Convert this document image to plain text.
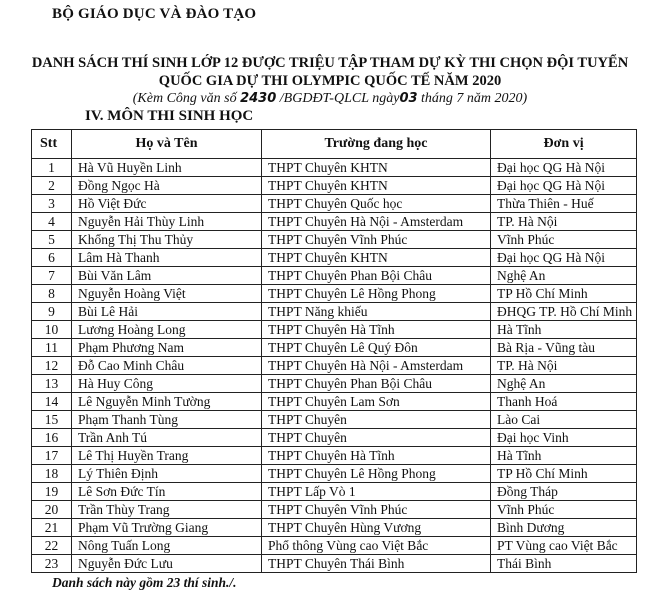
BỘ GIÁO DỤC VÀ ĐÀO TẠO
DANH SÁCH THÍ SINH LỚP 12 ĐƯỢC TRIỆU TẬP THAM DỰ KỲ THI CHỌN ĐỘI TUYỂN
QUỐC GIA DỰ THI OLYMPIC QUỐC TẾ NĂM 2020
(Kèm Công văn số 2430 /BGDĐT-QLCL ngày03 tháng 7 năm 2020)
IV. MÔN THI SINH HỌC
Stt	Họ và Tên	Trường đang học	Đơn vị
1	Hà Vũ Huyền Linh	THPT Chuyên KHTN	Đại học QG Hà Nội
2	Đồng Ngọc Hà	THPT Chuyên KHTN	Đại học QG Hà Nội
3	Hồ Việt Đức	THPT Chuyên Quốc học	Thừa Thiên - Huế
4	Nguyễn Hải Thùy Linh	THPT Chuyên Hà Nội - Amsterdam	TP. Hà Nội
5	Khổng Thị Thu Thủy	THPT Chuyên Vĩnh Phúc	Vĩnh Phúc
6	Lâm Hà Thanh	THPT Chuyên KHTN	Đại học QG Hà Nội
7	Bùi Văn Lâm	THPT Chuyên Phan Bội Châu	Nghệ An
8	Nguyễn Hoàng Việt	THPT Chuyên Lê Hồng Phong	TP Hồ Chí Minh
9	Bùi Lê Hải	THPT Năng khiếu	ĐHQG TP. Hồ Chí Minh
10	Lương Hoàng Long	THPT Chuyên Hà Tĩnh	Hà Tĩnh
11	Phạm Phương Nam	THPT Chuyên Lê Quý Đôn	Bà Rịa - Vũng tàu
12	Đỗ Cao Minh Châu	THPT Chuyên Hà Nội - Amsterdam	TP. Hà Nội
13	Hà Huy Công	THPT Chuyên Phan Bội Châu	Nghệ An
14	Lê Nguyễn Minh Tường	THPT Chuyên Lam Sơn	Thanh Hoá
15	Phạm Thanh Tùng	THPT Chuyên	Lào Cai
16	Trần Anh Tú	THPT Chuyên	Đại học Vinh
17	Lê Thị Huyền Trang	THPT Chuyên Hà Tĩnh	Hà Tĩnh
18	Lý Thiên Định	THPT Chuyên Lê Hồng Phong	TP Hồ Chí Minh
19	Lê Sơn Đức Tín	THPT Lấp Vò 1	Đồng Tháp
20	Trần Thùy Trang	THPT Chuyên Vĩnh Phúc	Vĩnh Phúc
21	Phạm Vũ Trường Giang	THPT Chuyên Hùng Vương	Bình Dương
22	Nông Tuấn Long	Phổ thông Vùng cao Việt Bắc	PT Vùng cao Việt Bắc
23	Nguyễn Đức Lưu	THPT Chuyên Thái Bình	Thái Bình
Danh sách này gồm 23 thí sinh./.
